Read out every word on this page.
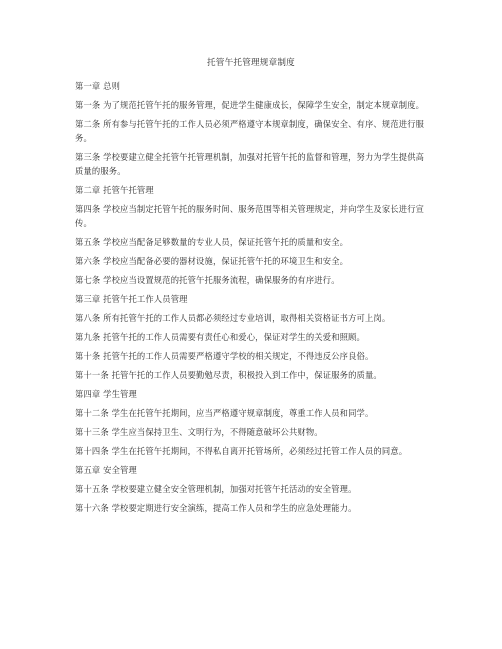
托管午托管理规章制度

第一章 总则

第一条 为了规范托管午托的服务管理，促进学生健康成长，保障学生安全，制定本规章制度。

第二条 所有参与托管午托的工作人员必须严格遵守本规章制度，确保安全、有序、规范进行服务。

第三条 学校要建立健全托管午托管理机制，加强对托管午托的监督和管理，努力为学生提供高质量的服务。

第二章 托管午托管理

第四条 学校应当制定托管午托的服务时间、服务范围等相关管理规定，并向学生及家长进行宣传。

第五条 学校应当配备足够数量的专业人员，保证托管午托的质量和安全。

第六条 学校应当配备必要的器材设施，保证托管午托的环境卫生和安全。

第七条 学校应当设置规范的托管午托服务流程，确保服务的有序进行。

第三章 托管午托工作人员管理

第八条 所有托管午托的工作人员都必须经过专业培训，取得相关资格证书方可上岗。

第九条 托管午托的工作人员需要有责任心和爱心，保证对学生的关爱和照顾。

第十条 托管午托的工作人员需要严格遵守学校的相关规定，不得违反公序良俗。

第十一条 托管午托的工作人员要勤勉尽责，积极投入到工作中，保证服务的质量。

第四章 学生管理

第十二条 学生在托管午托期间，应当严格遵守规章制度，尊重工作人员和同学。

第十三条 学生应当保持卫生、文明行为，不得随意破坏公共财物。

第十四条 学生在托管午托期间，不得私自离开托管场所，必须经过托管工作人员的同意。

第五章 安全管理

第十五条 学校要建立健全安全管理机制，加强对托管午托活动的安全管理。

第十六条 学校要定期进行安全演练，提高工作人员和学生的应急处理能力。
